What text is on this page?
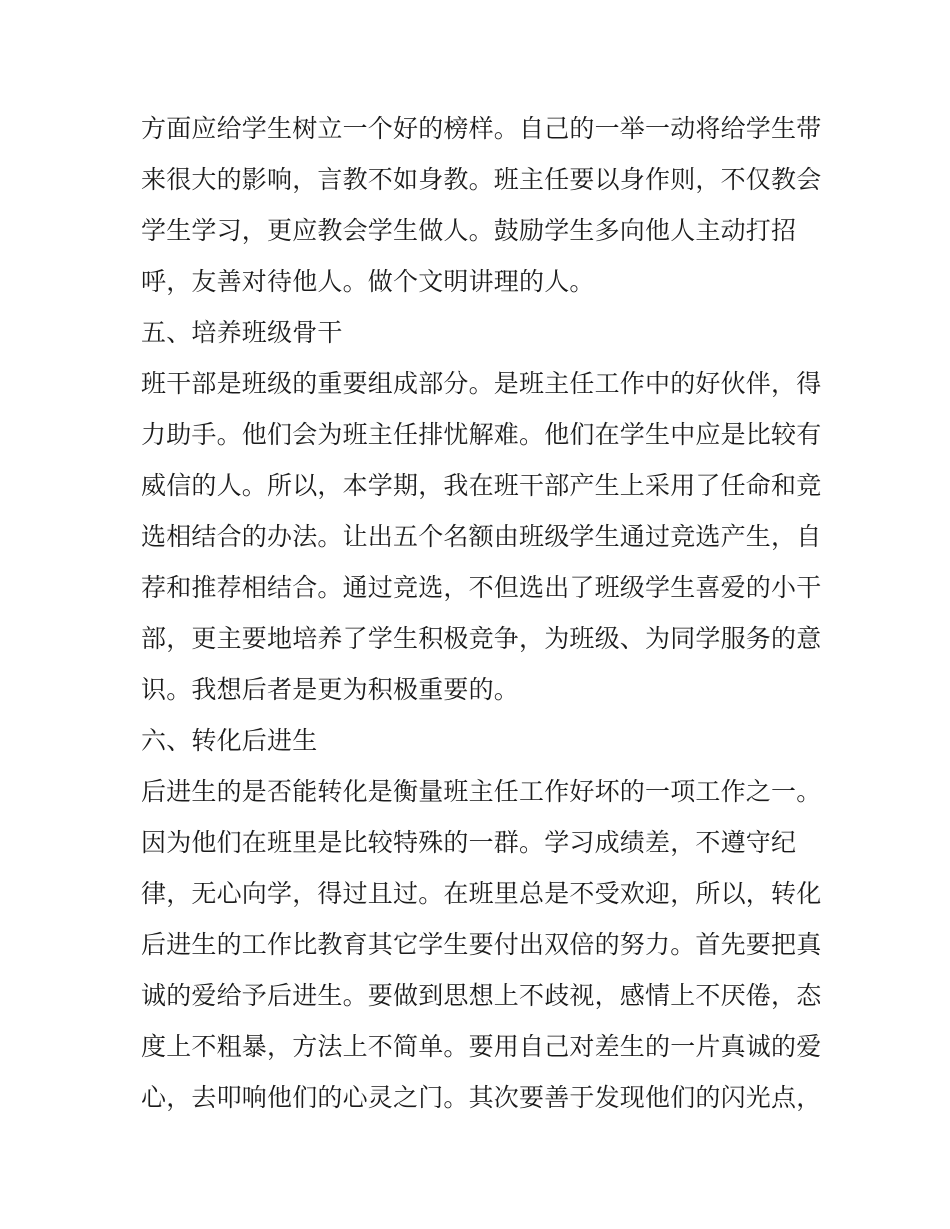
方面应给学生树立一个好的榜样。自己的一举一动将给学生带
来很大的影响，言教不如身教。班主任要以身作则，不仅教会
学生学习，更应教会学生做人。鼓励学生多向他人主动打招
呼，友善对待他人。做个文明讲理的人。
五、培养班级骨干
班干部是班级的重要组成部分。是班主任工作中的好伙伴，得
力助手。他们会为班主任排忧解难。他们在学生中应是比较有
威信的人。所以，本学期，我在班干部产生上采用了任命和竞
选相结合的办法。让出五个名额由班级学生通过竞选产生，自
荐和推荐相结合。通过竞选，不但选出了班级学生喜爱的小干
部，更主要地培养了学生积极竞争，为班级、为同学服务的意
识。我想后者是更为积极重要的。
六、转化后进生
后进生的是否能转化是衡量班主任工作好坏的一项工作之一。
因为他们在班里是比较特殊的一群。学习成绩差，不遵守纪
律，无心向学，得过且过。在班里总是不受欢迎，所以，转化
后进生的工作比教育其它学生要付出双倍的努力。首先要把真
诚的爱给予后进生。要做到思想上不歧视，感情上不厌倦，态
度上不粗暴，方法上不简单。要用自己对差生的一片真诚的爱
心，去叩响他们的心灵之门。其次要善于发现他们的闪光点，
